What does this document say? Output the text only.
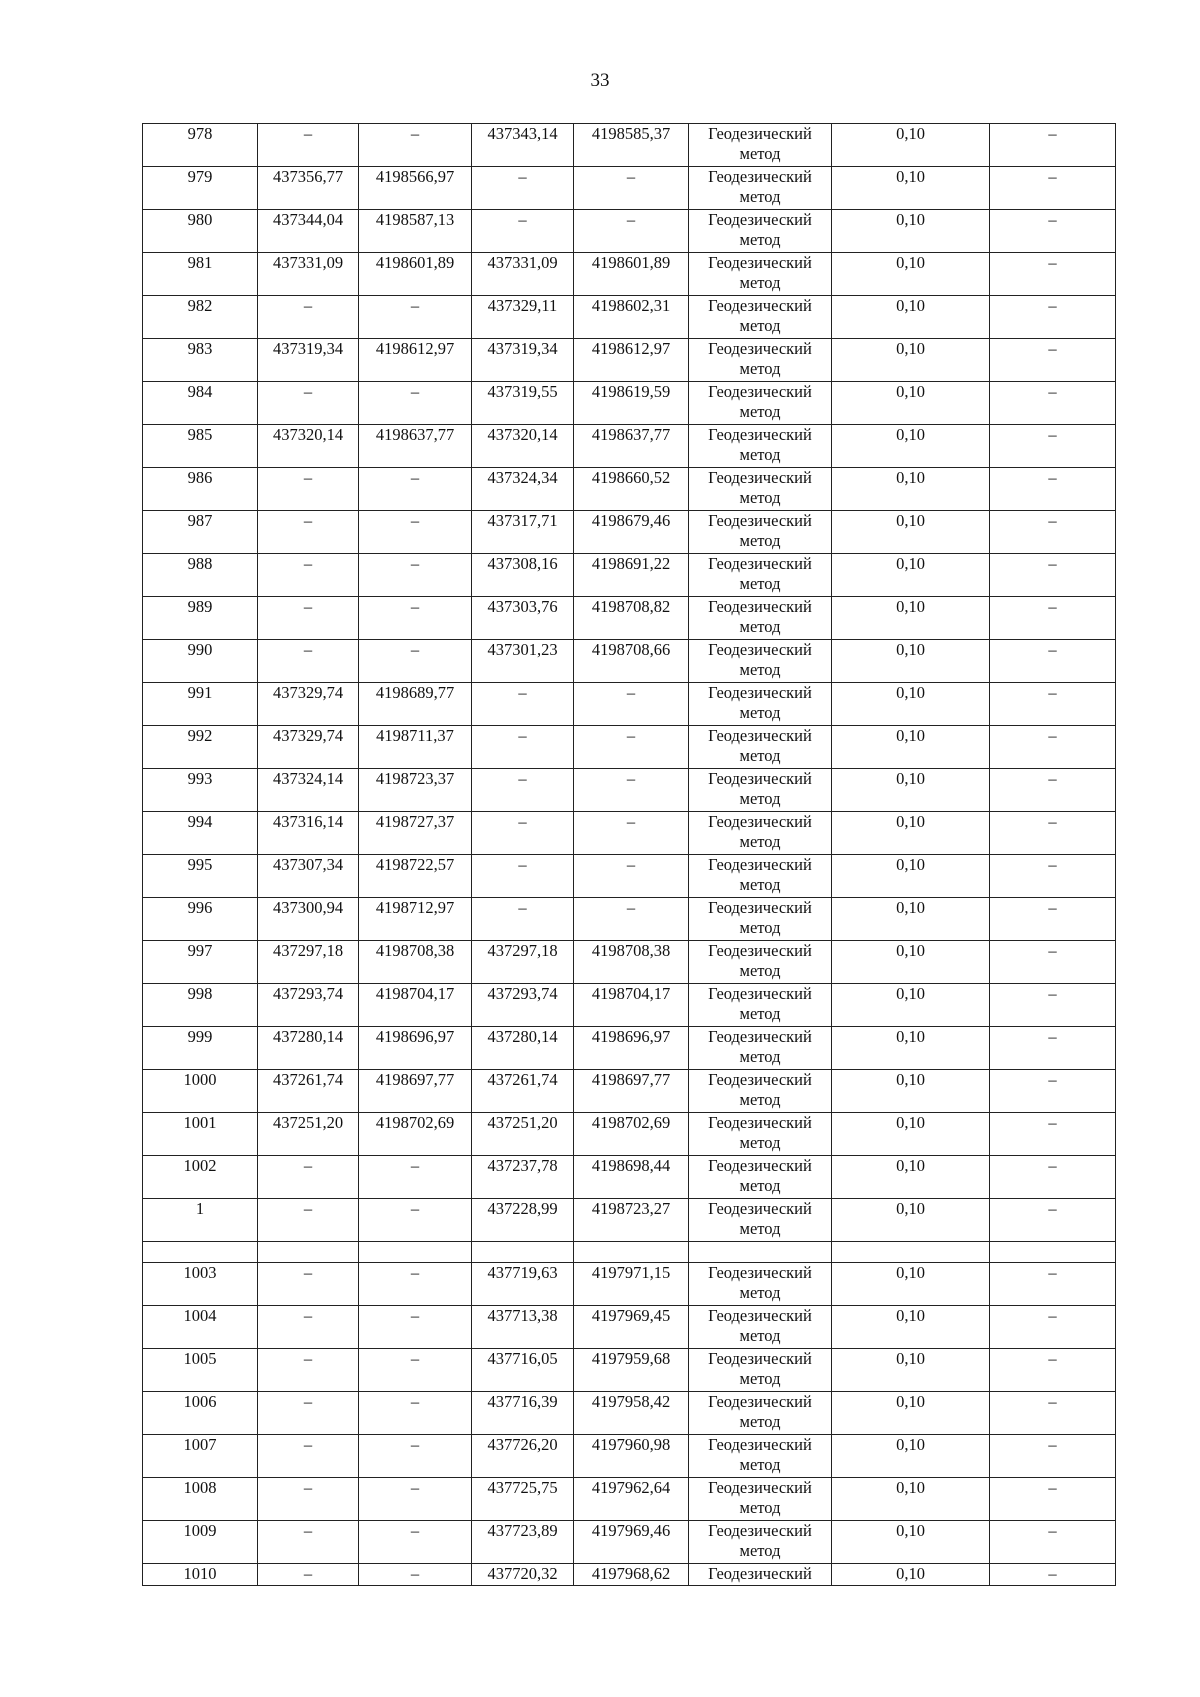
33
978	–	–	437343,14	4198585,37	Геодезический метод	0,10	–
979	437356,77	4198566,97	–	–	Геодезический метод	0,10	–
980	437344,04	4198587,13	–	–	Геодезический метод	0,10	–
981	437331,09	4198601,89	437331,09	4198601,89	Геодезический метод	0,10	–
982	–	–	437329,11	4198602,31	Геодезический метод	0,10	–
983	437319,34	4198612,97	437319,34	4198612,97	Геодезический метод	0,10	–
984	–	–	437319,55	4198619,59	Геодезический метод	0,10	–
985	437320,14	4198637,77	437320,14	4198637,77	Геодезический метод	0,10	–
986	–	–	437324,34	4198660,52	Геодезический метод	0,10	–
987	–	–	437317,71	4198679,46	Геодезический метод	0,10	–
988	–	–	437308,16	4198691,22	Геодезический метод	0,10	–
989	–	–	437303,76	4198708,82	Геодезический метод	0,10	–
990	–	–	437301,23	4198708,66	Геодезический метод	0,10	–
991	437329,74	4198689,77	–	–	Геодезический метод	0,10	–
992	437329,74	4198711,37	–	–	Геодезический метод	0,10	–
993	437324,14	4198723,37	–	–	Геодезический метод	0,10	–
994	437316,14	4198727,37	–	–	Геодезический метод	0,10	–
995	437307,34	4198722,57	–	–	Геодезический метод	0,10	–
996	437300,94	4198712,97	–	–	Геодезический метод	0,10	–
997	437297,18	4198708,38	437297,18	4198708,38	Геодезический метод	0,10	–
998	437293,74	4198704,17	437293,74	4198704,17	Геодезический метод	0,10	–
999	437280,14	4198696,97	437280,14	4198696,97	Геодезический метод	0,10	–
1000	437261,74	4198697,77	437261,74	4198697,77	Геодезический метод	0,10	–
1001	437251,20	4198702,69	437251,20	4198702,69	Геодезический метод	0,10	–
1002	–	–	437237,78	4198698,44	Геодезический метод	0,10	–
1	–	–	437228,99	4198723,27	Геодезический метод	0,10	–

1003	–	–	437719,63	4197971,15	Геодезический метод	0,10	–
1004	–	–	437713,38	4197969,45	Геодезический метод	0,10	–
1005	–	–	437716,05	4197959,68	Геодезический метод	0,10	–
1006	–	–	437716,39	4197958,42	Геодезический метод	0,10	–
1007	–	–	437726,20	4197960,98	Геодезический метод	0,10	–
1008	–	–	437725,75	4197962,64	Геодезический метод	0,10	–
1009	–	–	437723,89	4197969,46	Геодезический метод	0,10	–
1010	–	–	437720,32	4197968,62	Геодезический	0,10	–
